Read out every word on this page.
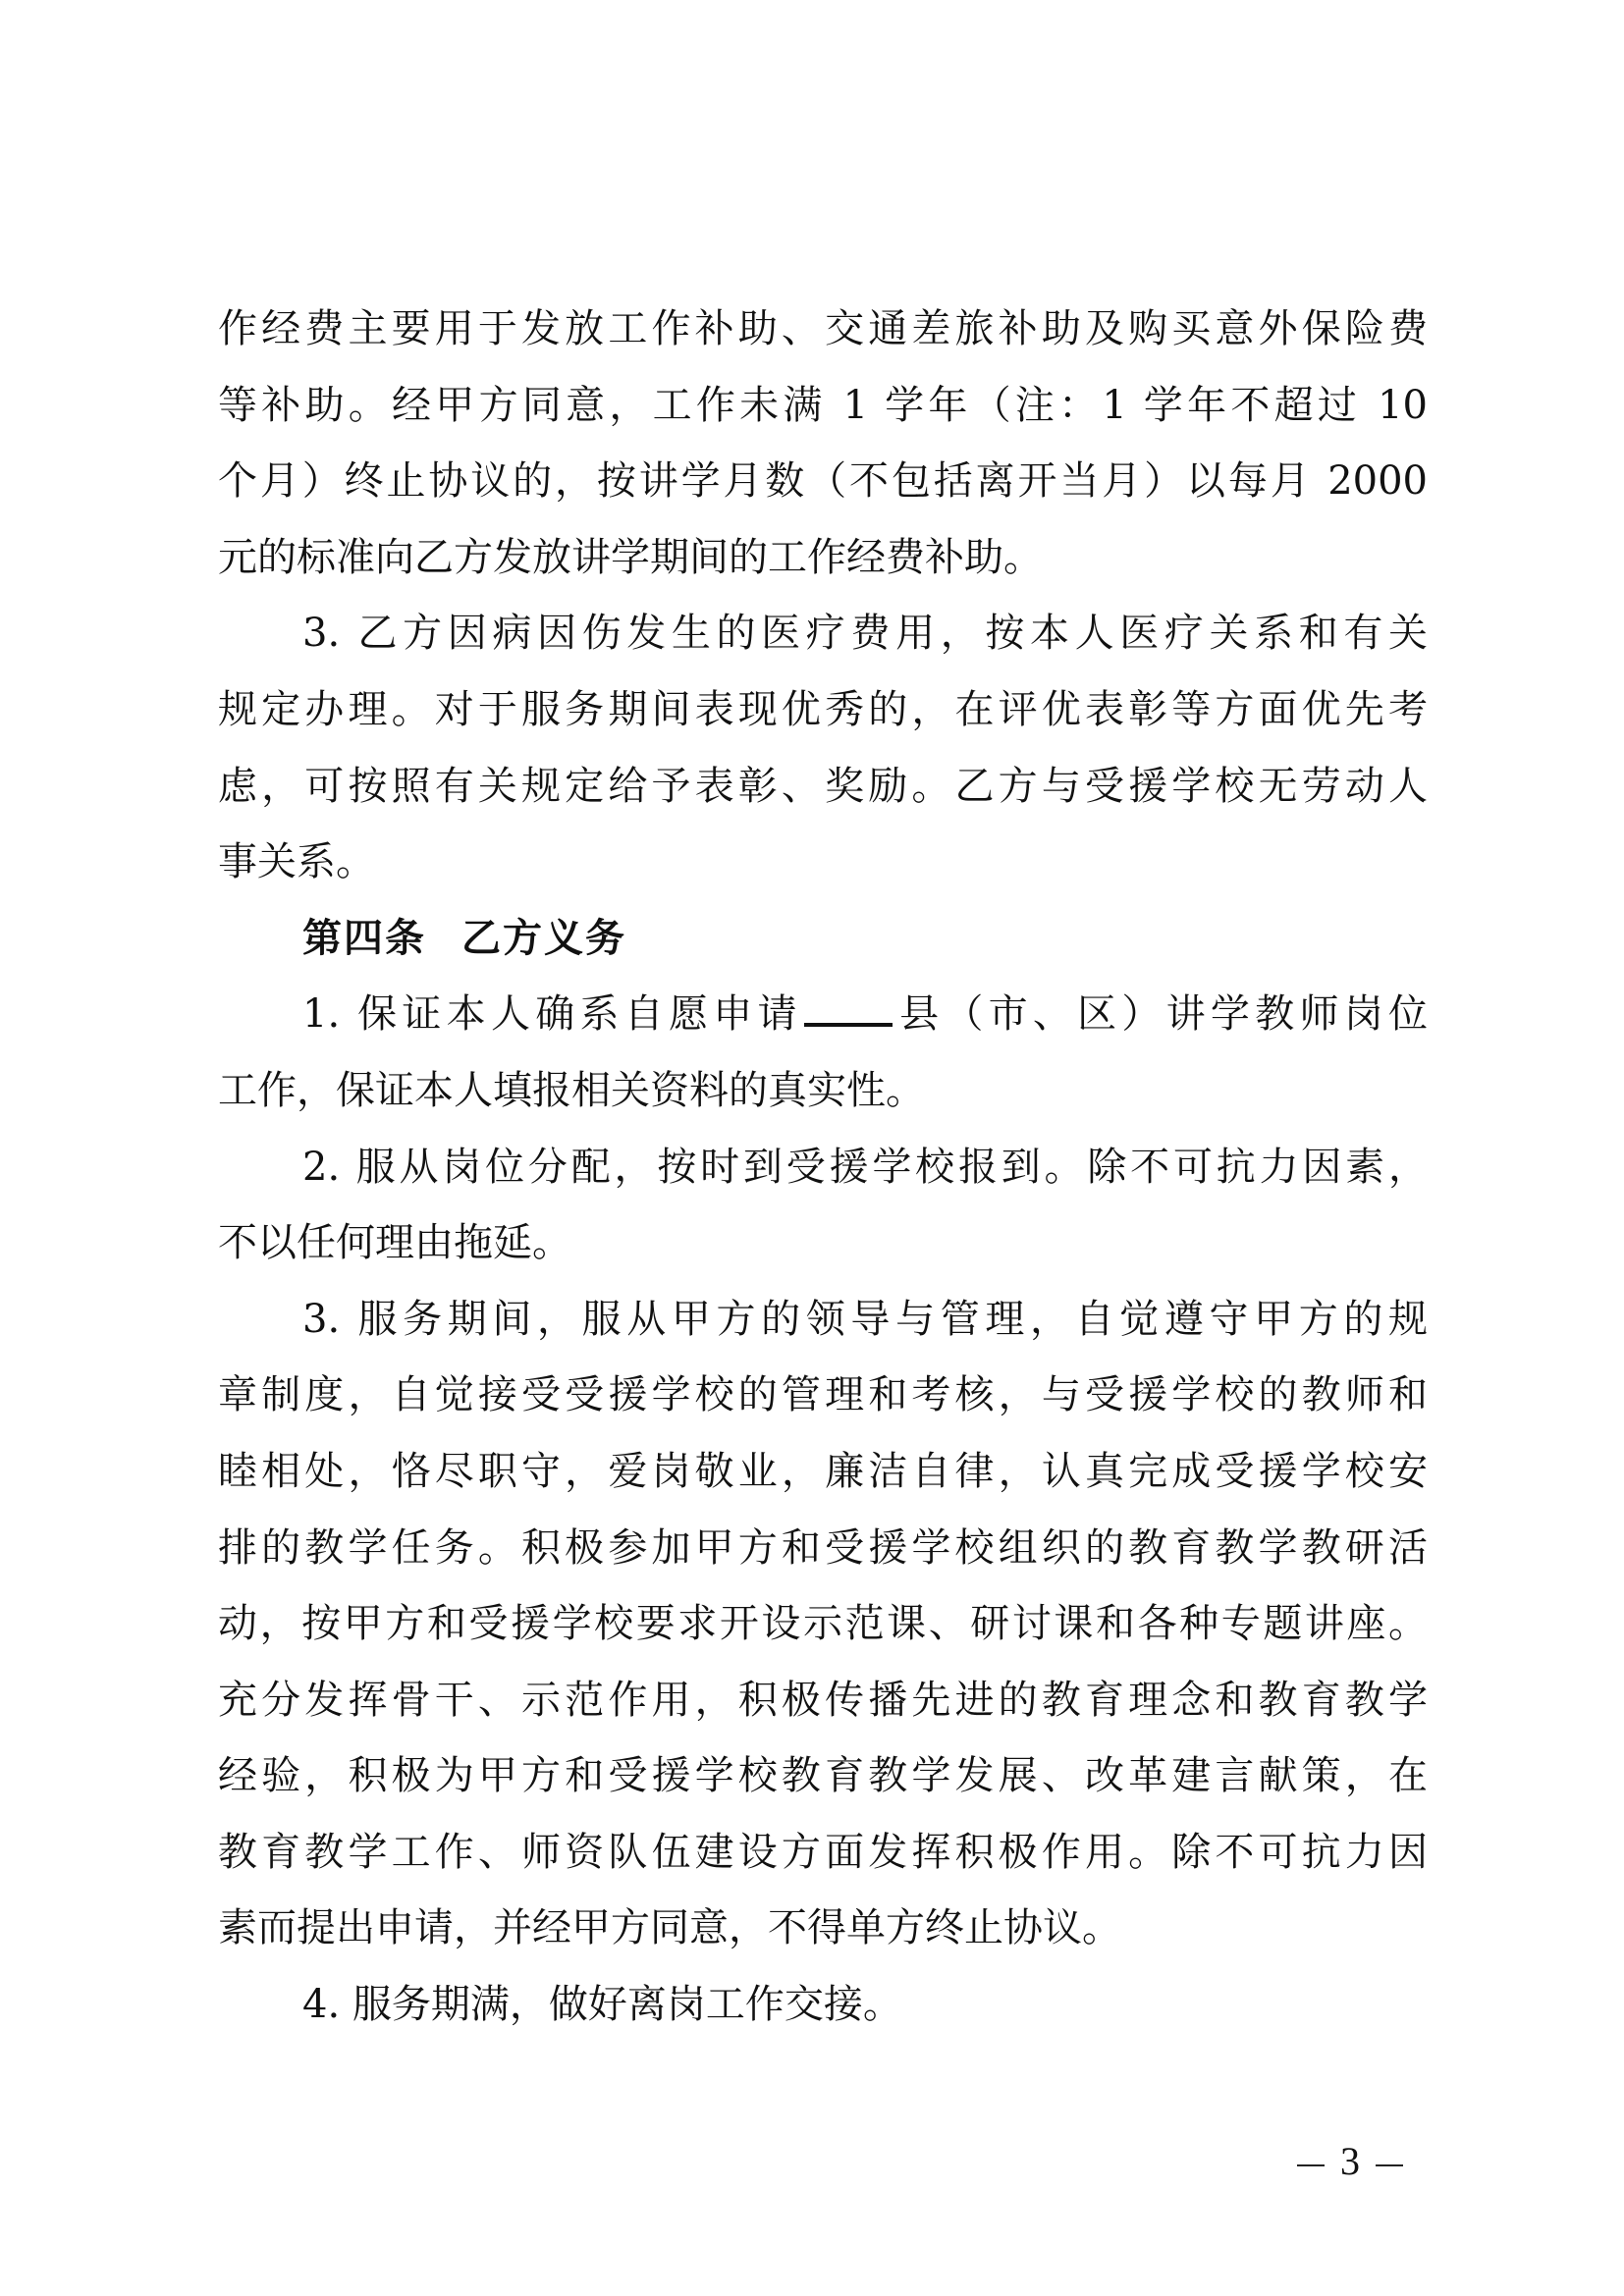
作经费主要用于发放工作补助、交通差旅补助及购买意外保险费
等补助。经甲方同意，工作未满 1 学年（注：1 学年不超过 10
个月）终止协议的，按讲学月数（不包括离开当月）以每月 2000
元的标准向乙方发放讲学期间的工作经费补助。
3. 乙方因病因伤发生的医疗费用，按本人医疗关系和有关
规定办理。对于服务期间表现优秀的，在评优表彰等方面优先考
虑，可按照有关规定给予表彰、奖励。乙方与受援学校无劳动人
事关系。
第四条 乙方义务
1. 保证本人确系自愿申请 县（市、区）讲学教师岗位
工作，保证本人填报相关资料的真实性。
2. 服从岗位分配，按时到受援学校报到。除不可抗力因素，
不以任何理由拖延。
3. 服务期间，服从甲方的领导与管理，自觉遵守甲方的规
章制度，自觉接受受援学校的管理和考核，与受援学校的教师和
睦相处，恪尽职守，爱岗敬业，廉洁自律，认真完成受援学校安
排的教学任务。积极参加甲方和受援学校组织的教育教学教研活
动，按甲方和受援学校要求开设示范课、研讨课和各种专题讲座。
充分发挥骨干、示范作用，积极传播先进的教育理念和教育教学
经验，积极为甲方和受援学校教育教学发展、改革建言献策，在
教育教学工作、师资队伍建设方面发挥积极作用。除不可抗力因
素而提出申请，并经甲方同意，不得单方终止协议。
4. 服务期满，做好离岗工作交接。
3
